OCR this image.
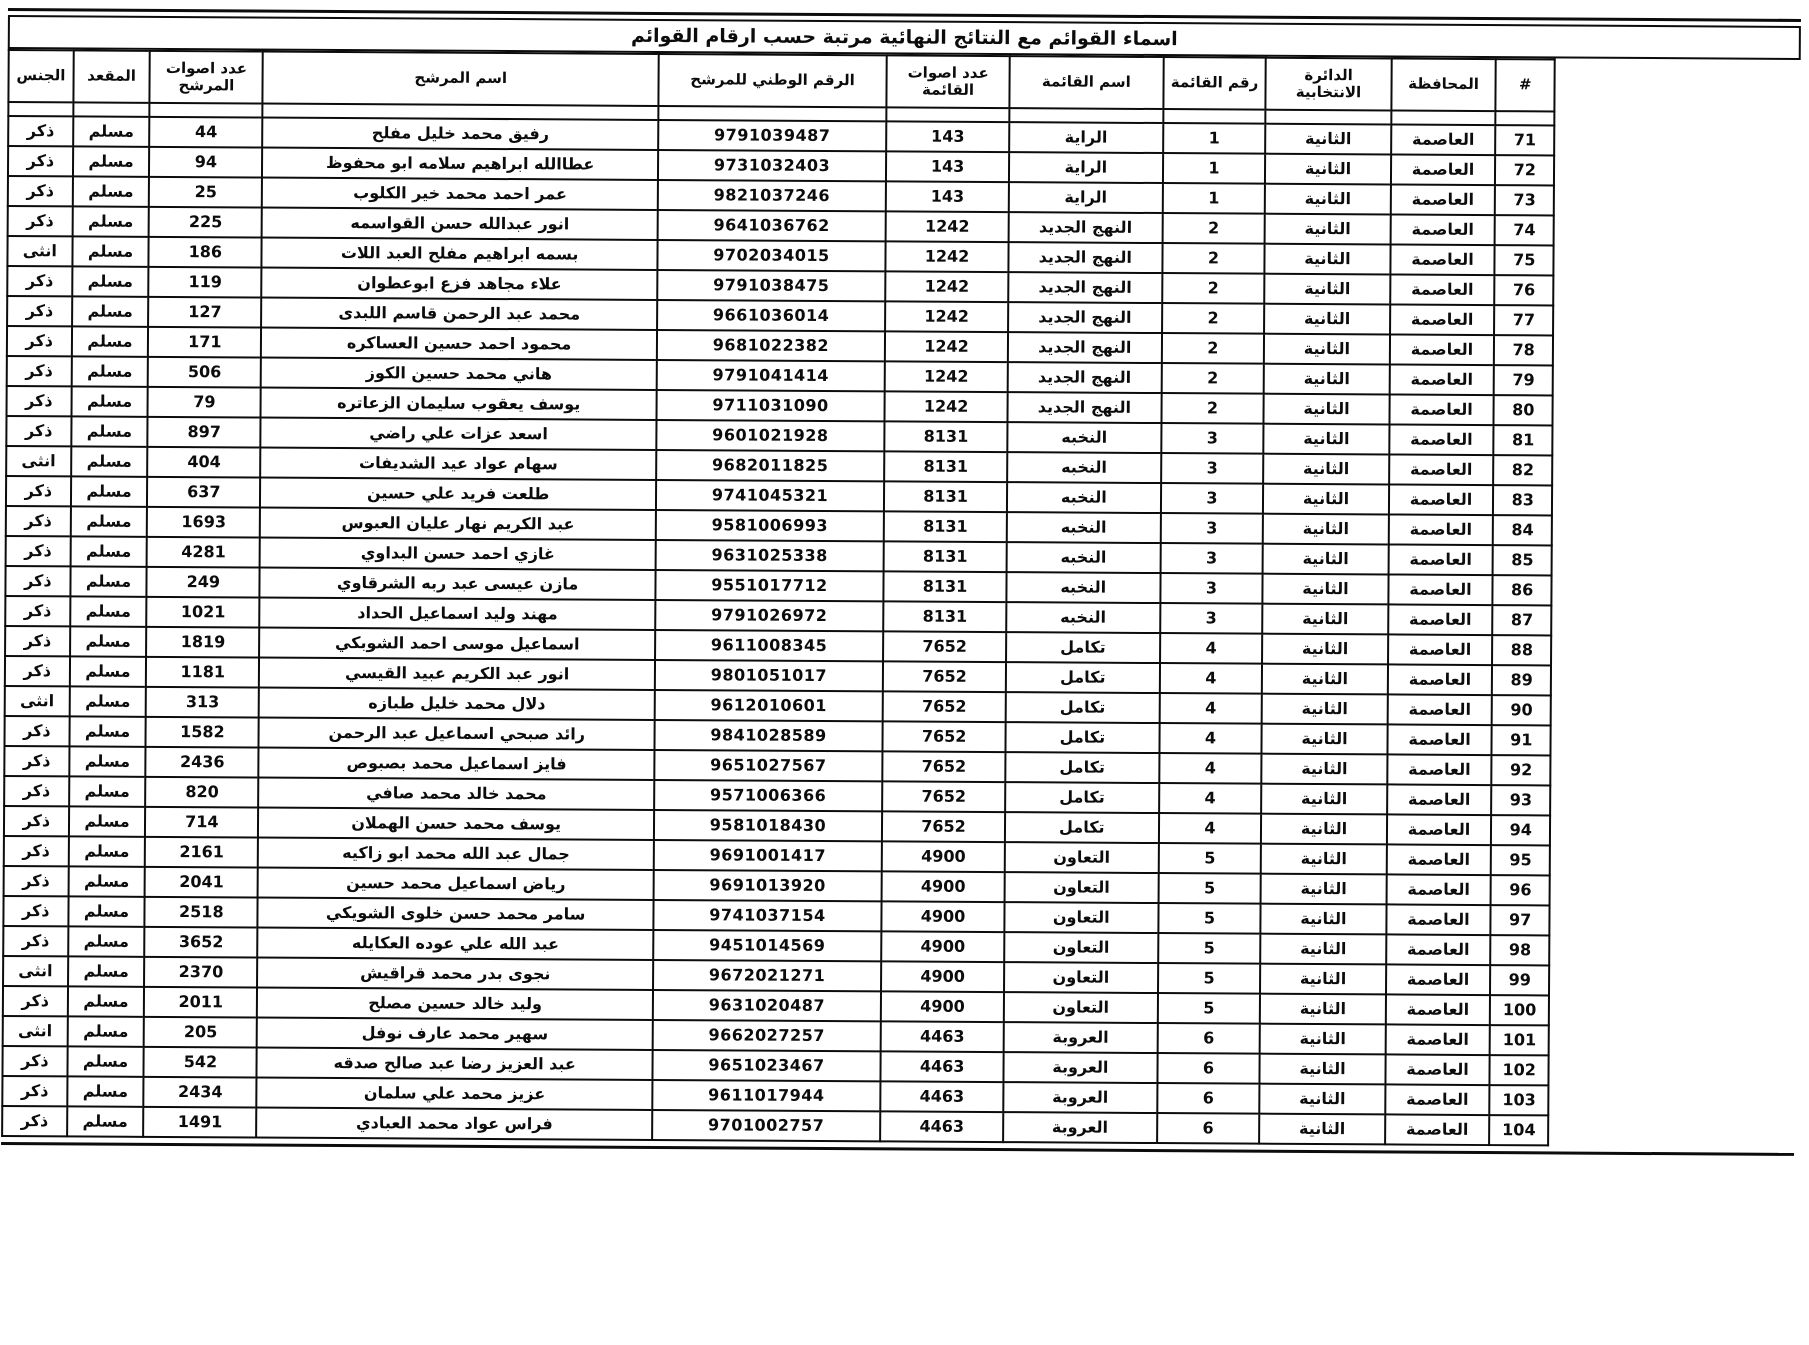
اسماء القوائم مع النتائج النهائية مرتبة حسب ارقام القوائم
#	المحافظة	الدائرة الانتخابية	رقم القائمة	اسم القائمة	عدد اصوات القائمة	الرقم الوطني للمرشح	اسم المرشح	عدد اصوات المرشح	المقعد	الجنس

71	العاصمة	الثانية	1	الراية	143	9791039487	رفيق محمد خليل مفلح	44	مسلم	ذكر
72	العاصمة	الثانية	1	الراية	143	9731032403	عطاالله ابراهيم سلامه ابو محفوظ	94	مسلم	ذكر
73	العاصمة	الثانية	1	الراية	143	9821037246	عمر احمد محمد خير الكلوب	25	مسلم	ذكر
74	العاصمة	الثانية	2	النهج الجديد	1242	9641036762	انور عبدالله حسن القواسمه	225	مسلم	ذكر
75	العاصمة	الثانية	2	النهج الجديد	1242	9702034015	بسمه ابراهيم مفلح العبد اللات	186	مسلم	انثى
76	العاصمة	الثانية	2	النهج الجديد	1242	9791038475	علاء مجاهد فزع ابوعطوان	119	مسلم	ذكر
77	العاصمة	الثانية	2	النهج الجديد	1242	9661036014	محمد عبد الرحمن قاسم اللبدى	127	مسلم	ذكر
78	العاصمة	الثانية	2	النهج الجديد	1242	9681022382	محمود احمد حسين العساكره	171	مسلم	ذكر
79	العاصمة	الثانية	2	النهج الجديد	1242	9791041414	هاني محمد حسين الكوز	506	مسلم	ذكر
80	العاصمة	الثانية	2	النهج الجديد	1242	9711031090	يوسف يعقوب سليمان الزعاتره	79	مسلم	ذكر
81	العاصمة	الثانية	3	النخبه	8131	9601021928	اسعد عزات علي راضي	897	مسلم	ذكر
82	العاصمة	الثانية	3	النخبه	8131	9682011825	سهام عواد عيد الشديفات	404	مسلم	انثى
83	العاصمة	الثانية	3	النخبه	8131	9741045321	طلعت فريد علي حسين	637	مسلم	ذكر
84	العاصمة	الثانية	3	النخبه	8131	9581006993	عبد الكريم نهار عليان العبوس	1693	مسلم	ذكر
85	العاصمة	الثانية	3	النخبه	8131	9631025338	غازي احمد حسن البداوي	4281	مسلم	ذكر
86	العاصمة	الثانية	3	النخبه	8131	9551017712	مازن عيسى عبد ربه الشرقاوي	249	مسلم	ذكر
87	العاصمة	الثانية	3	النخبه	8131	9791026972	مهند وليد اسماعيل الحداد	1021	مسلم	ذكر
88	العاصمة	الثانية	4	تكامل	7652	9611008345	اسماعيل موسى احمد الشوبكي	1819	مسلم	ذكر
89	العاصمة	الثانية	4	تكامل	7652	9801051017	انور عبد الكريم عبيد القيسي	1181	مسلم	ذكر
90	العاصمة	الثانية	4	تكامل	7652	9612010601	دلال محمد خليل طبازه	313	مسلم	انثى
91	العاصمة	الثانية	4	تكامل	7652	9841028589	رائد صبحي اسماعيل عبد الرحمن	1582	مسلم	ذكر
92	العاصمة	الثانية	4	تكامل	7652	9651027567	فايز اسماعيل محمد بصبوص	2436	مسلم	ذكر
93	العاصمة	الثانية	4	تكامل	7652	9571006366	محمد خالد محمد صافي	820	مسلم	ذكر
94	العاصمة	الثانية	4	تكامل	7652	9581018430	يوسف محمد حسن الهملان	714	مسلم	ذكر
95	العاصمة	الثانية	5	التعاون	4900	9691001417	جمال عبد الله محمد ابو زاكيه	2161	مسلم	ذكر
96	العاصمة	الثانية	5	التعاون	4900	9691013920	رياض اسماعيل محمد حسين	2041	مسلم	ذكر
97	العاصمة	الثانية	5	التعاون	4900	9741037154	سامر محمد حسن خلوى الشويكي	2518	مسلم	ذكر
98	العاصمة	الثانية	5	التعاون	4900	9451014569	عبد الله علي عوده العكايله	3652	مسلم	ذكر
99	العاصمة	الثانية	5	التعاون	4900	9672021271	نجوى بدر محمد قراقيش	2370	مسلم	انثى
100	العاصمة	الثانية	5	التعاون	4900	9631020487	وليد خالد حسين مصلح	2011	مسلم	ذكر
101	العاصمة	الثانية	6	العروبة	4463	9662027257	سهير محمد عارف نوفل	205	مسلم	انثى
102	العاصمة	الثانية	6	العروبة	4463	9651023467	عبد العزيز رضا عبد صالح صدقه	542	مسلم	ذكر
103	العاصمة	الثانية	6	العروبة	4463	9611017944	عزيز محمد علي سلمان	2434	مسلم	ذكر
104	العاصمة	الثانية	6	العروبة	4463	9701002757	فراس عواد محمد العبادي	1491	مسلم	ذكر
